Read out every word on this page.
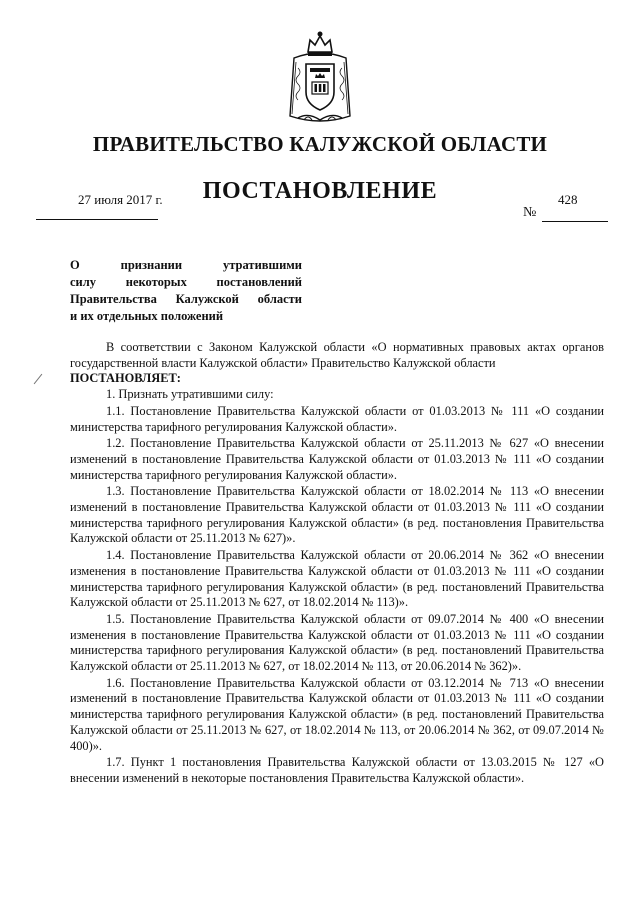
ПРАВИТЕЛЬСТВО КАЛУЖСКОЙ ОБЛАСТИ
ПОСТАНОВЛЕНИЕ
27 июля 2017 г.	428
№
О признании утратившими
силу некоторых постановлений
Правительства Калужской области
и их отдельных положений

В соответствии с Законом Калужской области «О нормативных правовых актах органов государственной власти Калужской области» Правительство Калужской области

ПОСТАНОВЛЯЕТ:

1. Признать утратившими силу:

1.1. Постановление Правительства Калужской области от 01.03.2013 № 111 «О создании министерства тарифного регулирования Калужской области».

1.2. Постановление Правительства Калужской области от 25.11.2013 № 627 «О внесении изменений в постановление Правительства Калужской области от 01.03.2013 № 111 «О создании министерства тарифного регулирования Калужской области».

1.3. Постановление Правительства Калужской области от 18.02.2014 № 113 «О внесении изменений в постановление Правительства Калужской области от 01.03.2013 № 111 «О создании министерства тарифного регулирования Калужской области» (в ред. постановления Правительства Калужской области от 25.11.2013 № 627)».

1.4. Постановление Правительства Калужской области от 20.06.2014 № 362 «О внесении изменения в постановление Правительства Калужской области от 01.03.2013 № 111 «О создании министерства тарифного регулирования Калужской области» (в ред. постановлений Правительства Калужской области от 25.11.2013 № 627, от 18.02.2014 № 113)».

1.5. Постановление Правительства Калужской области от 09.07.2014 № 400 «О внесении изменения в постановление Правительства Калужской области от 01.03.2013 № 111 «О создании министерства тарифного регулирования Калужской области» (в ред. постановлений Правительства Калужской области от 25.11.2013 № 627, от 18.02.2014 № 113, от 20.06.2014 № 362)».

1.6. Постановление Правительства Калужской области от 03.12.2014 № 713 «О внесении изменений в постановление Правительства Калужской области от 01.03.2013 № 111 «О создании министерства тарифного регулирования Калужской области» (в ред. постановлений Правительства Калужской области от 25.11.2013 № 627, от 18.02.2014 № 113, от 20.06.2014 № 362, от 09.07.2014 № 400)».

1.7. Пункт 1 постановления Правительства Калужской области от 13.03.2015 № 127 «О внесении изменений в некоторые постановления Правительства Калужской области».
